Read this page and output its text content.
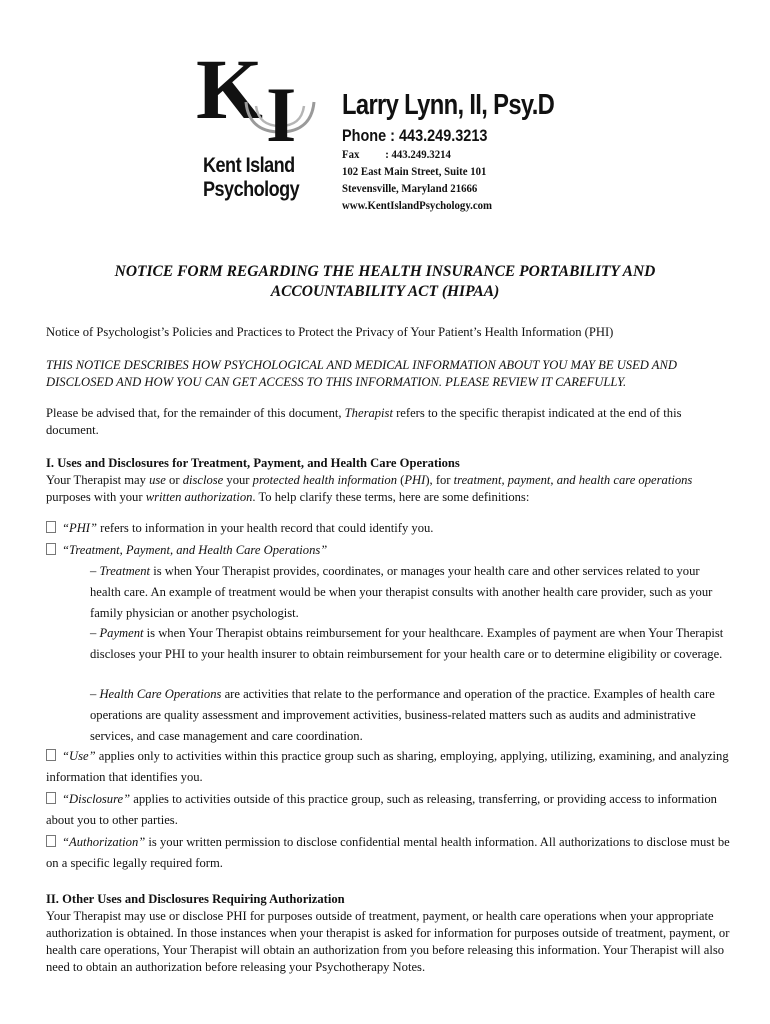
K I
Kent Island
Psychology
Larry Lynn, II, Psy.D
Phone : 443.249.3213
Fax : 443.249.3214
102 East Main Street, Suite 101
Stevensville, Maryland 21666
www.KentIslandPsychology.com
NOTICE FORM REGARDING THE HEALTH INSURANCE PORTABILITY AND
ACCOUNTABILITY ACT (HIPAA)
Notice of Psychologist’s Policies and Practices to Protect the Privacy of Your Patient’s Health Information (PHI)
THIS NOTICE DESCRIBES HOW PSYCHOLOGICAL AND MEDICAL INFORMATION ABOUT YOU MAY BE USED AND DISCLOSED AND HOW YOU CAN GET ACCESS TO THIS INFORMATION. PLEASE REVIEW IT CAREFULLY.
Please be advised that, for the remainder of this document, Therapist refers to the specific therapist indicated at the end of this document.
I. Uses and Disclosures for Treatment, Payment, and Health Care Operations
Your Therapist may use or disclose your protected health information (PHI), for treatment, payment, and health care operations purposes with your written authorization. To help clarify these terms, here are some definitions:
“PHI” refers to information in your health record that could identify you.
“Treatment, Payment, and Health Care Operations”
– Treatment is when Your Therapist provides, coordinates, or manages your health care and other services related to your health care. An example of treatment would be when your therapist consults with another health care provider, such as your family physician or another psychologist.
– Payment is when Your Therapist obtains reimbursement for your healthcare. Examples of payment are when Your Therapist discloses your PHI to your health insurer to obtain reimbursement for your health care or to determine eligibility or coverage.
– Health Care Operations are activities that relate to the performance and operation of the practice. Examples of health care operations are quality assessment and improvement activities, business-related matters such as audits and administrative services, and case management and care coordination.
“Use” applies only to activities within this practice group such as sharing, employing, applying, utilizing, examining, and analyzing information that identifies you.
“Disclosure” applies to activities outside of this practice group, such as releasing, transferring, or providing access to information about you to other parties.
“Authorization” is your written permission to disclose confidential mental health information. All authorizations to disclose must be on a specific legally required form.
II. Other Uses and Disclosures Requiring Authorization
Your Therapist may use or disclose PHI for purposes outside of treatment, payment, or health care operations when your appropriate authorization is obtained. In those instances when your therapist is asked for information for purposes outside of treatment, payment, or health care operations, Your Therapist will obtain an authorization from you before releasing this information. Your Therapist will also need to obtain an authorization before releasing your Psychotherapy Notes.
